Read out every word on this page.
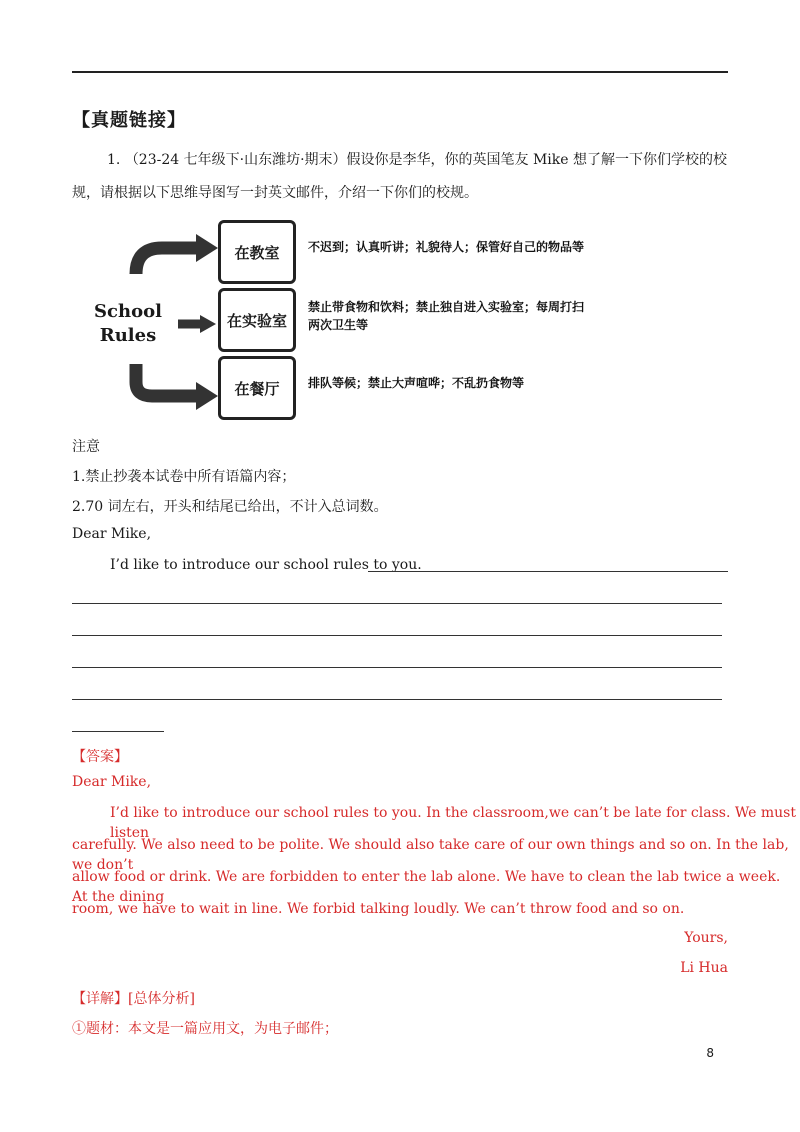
【真题链接】
1. （23-24 七年级下·山东潍坊·期末）假设你是李华，你的英国笔友 Mike 想了解一下你们学校的校
规，请根据以下思维导图写一封英文邮件，介绍一下你们的校规。
School
Rules
在教室	不迟到；认真听讲；礼貌待人；保管好自己的物品等
在实验室
禁止带食物和饮料；禁止独自进入实验室；每周打扫
两次卫生等
在餐厅	排队等候；禁止大声喧哗；不乱扔食物等
注意
1.禁止抄袭本试卷中所有语篇内容；
2.70 词左右，开头和结尾已给出，不计入总词数。
Dear Mike,
I’d like to introduce our school rules to you.
【答案】
Dear Mike,
I’d like to introduce our school rules to you. In the classroom,we can’t be late for class. We must listen
carefully. We also need to be polite. We should also take care of our own things and so on. In the lab, we don’t
allow food or drink. We are forbidden to enter the lab alone. We have to clean the lab twice a week. At the dining
room, we have to wait in line. We forbid talking loudly. We can’t throw food and so on.
Yours,
Li Hua
【详解】[总体分析]
①题材：本文是一篇应用文，为电子邮件；
8
